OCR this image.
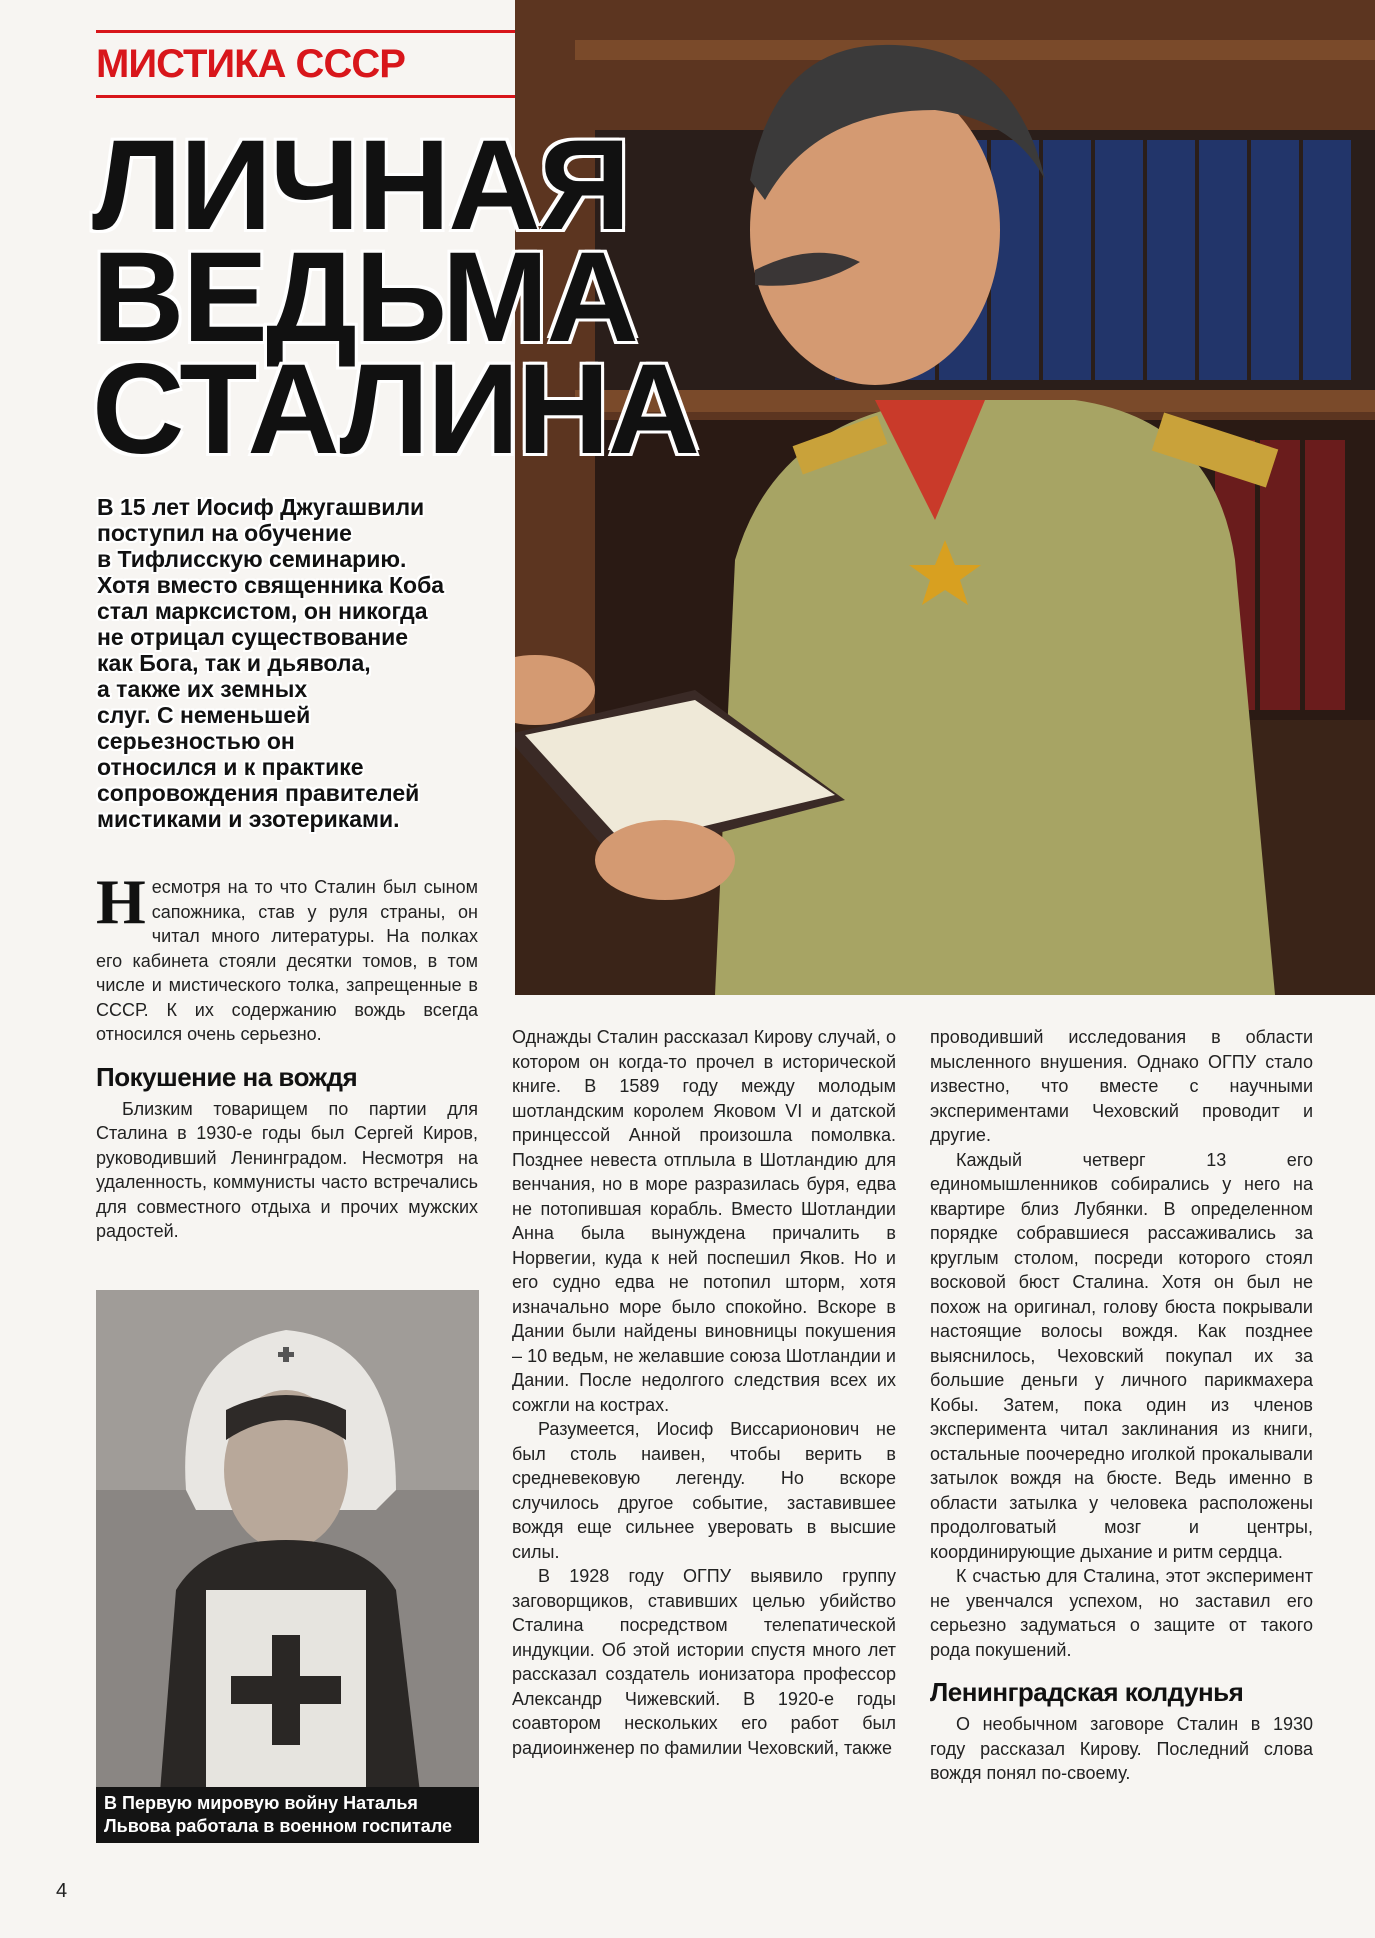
МИСТИКА СССР
ЛИЧНАЯ
ВЕДЬМА
СТАЛИНА
В 15 лет Иосиф Джугашвили
поступил на обучение
в Тифлисскую семинарию.
Хотя вместо священника Коба
стал марксистом, он никогда
не отрицал существование
как Бога, так и дьявола,
а также их земных
слуг. С неменьшей
серьезностью он
относился и к практике
сопровождения правителей
мистиками и эзотериками.

Несмотря на то что Сталин был сыном сапожника, став у руля страны, он читал много литературы. На полках его кабинета стояли десятки томов, в том числе и мистического толка, запрещенные в СССР. К их содержанию вождь всегда относился очень серьезно.

Покушение на вождя

Близким товарищем по партии для Сталина в 1930-е годы был Сергей Киров, руководивший Ленинградом. Несмотря на удаленность, коммунисты часто встречались для совместного отдыха и прочих мужских радостей.

В Первую мировую войну Наталья Львова работала в военном госпитале

Однажды Сталин рассказал Кирову случай, о котором он когда-то прочел в исторической книге. В 1589 году между молодым шотландским королем Яковом VI и датской принцессой Анной произошла помолвка. Позднее невеста отплыла в Шотландию для венчания, но в море разразилась буря, едва не потопившая корабль. Вместо Шотландии Анна была вынуждена причалить в Норвегии, куда к ней поспешил Яков. Но и его судно едва не потопил шторм, хотя изначально море было спокойно. Вскоре в Дании были найдены виновницы покушения – 10 ведьм, не желавшие союза Шотландии и Дании. После недолгого следствия всех их сожгли на кострах.

Разумеется, Иосиф Виссарионович не был столь наивен, чтобы верить в средневековую легенду. Но вскоре случилось другое событие, заставившее вождя еще сильнее уверовать в высшие силы.

В 1928 году ОГПУ выявило группу заговорщиков, ставивших целью убийство Сталина посредством телепатической индукции. Об этой истории спустя много лет рассказал создатель ионизатора профессор Александр Чижевский. В 1920-е годы соавтором нескольких его работ был радиоинженер по фамилии Чеховский, также

проводивший исследования в области мысленного внушения. Однако ОГПУ стало известно, что вместе с научными экспериментами Чеховский проводит и другие.

Каждый четверг 13 его единомышленников собирались у него на квартире близ Лубянки. В определенном порядке собравшиеся рассаживались за круглым столом, посреди которого стоял восковой бюст Сталина. Хотя он был не похож на оригинал, голову бюста покрывали настоящие волосы вождя. Как позднее выяснилось, Чеховский покупал их за большие деньги у личного парикмахера Кобы. Затем, пока один из членов эксперимента читал заклинания из книги, остальные поочередно иголкой прокалывали затылок вождя на бюсте. Ведь именно в области затылка у человека расположены продолговатый мозг и центры, координирующие дыхание и ритм сердца.

К счастью для Сталина, этот эксперимент не увенчался успехом, но заставил его серьезно задуматься о защите от такого рода покушений.

Ленинградская колдунья

О необычном заговоре Сталин в 1930 году рассказал Кирову. Последний слова вождя понял по-своему.

4
